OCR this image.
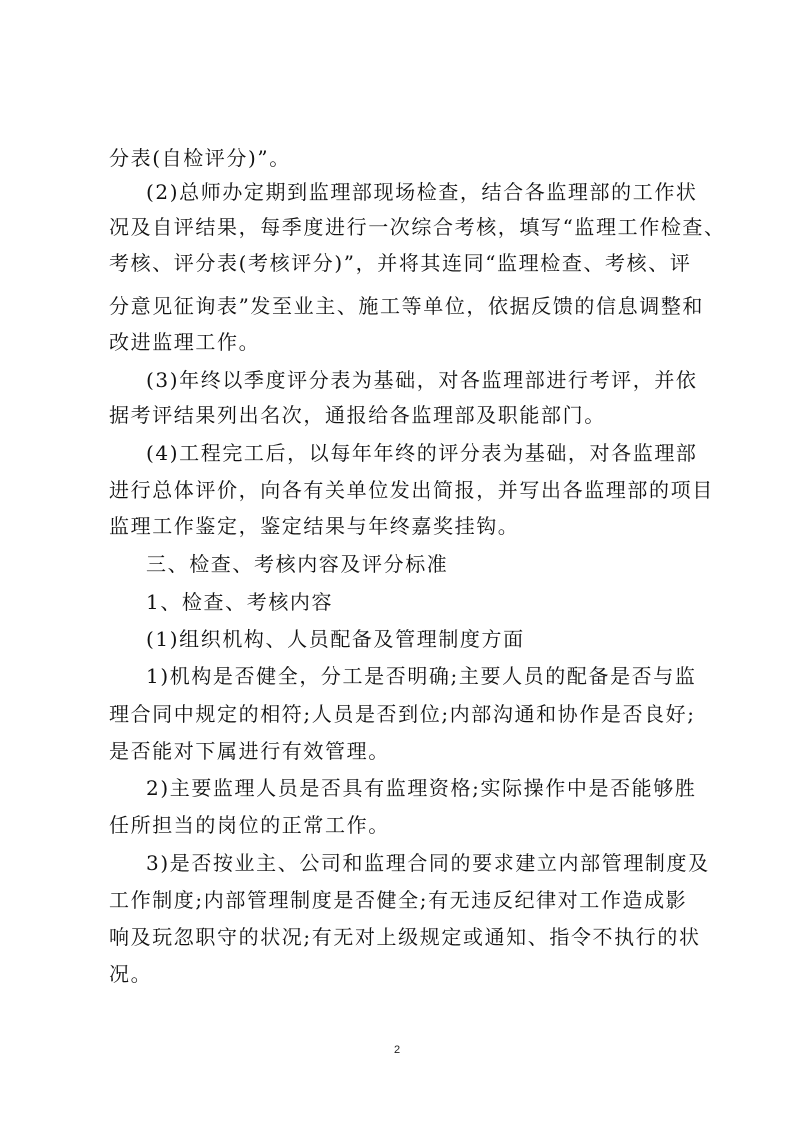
分表(自检评分)”。
(2)总师办定期到监理部现场检查，结合各监理部的工作状
况及自评结果，每季度进行一次综合考核，填写“监理工作检查、
考核、评分表(考核评分)”，并将其连同“监理检查、考核、评
分意见征询表”发至业主、施工等单位，依据反馈的信息调整和
改进监理工作。
(3)年终以季度评分表为基础，对各监理部进行考评，并依
据考评结果列出名次，通报给各监理部及职能部门。
(4)工程完工后，以每年年终的评分表为基础，对各监理部
进行总体评价，向各有关单位发出简报，并写出各监理部的项目
监理工作鉴定，鉴定结果与年终嘉奖挂钩。
三、检查、考核内容及评分标准
1、检查、考核内容
(1)组织机构、人员配备及管理制度方面
1)机构是否健全，分工是否明确;主要人员的配备是否与监
理合同中规定的相符;人员是否到位;内部沟通和协作是否良好;
是否能对下属进行有效管理。
2)主要监理人员是否具有监理资格;实际操作中是否能够胜
任所担当的岗位的正常工作。
3)是否按业主、公司和监理合同的要求建立内部管理制度及
工作制度;内部管理制度是否健全;有无违反纪律对工作造成影
响及玩忽职守的状况;有无对上级规定或通知、指令不执行的状
况。
2
